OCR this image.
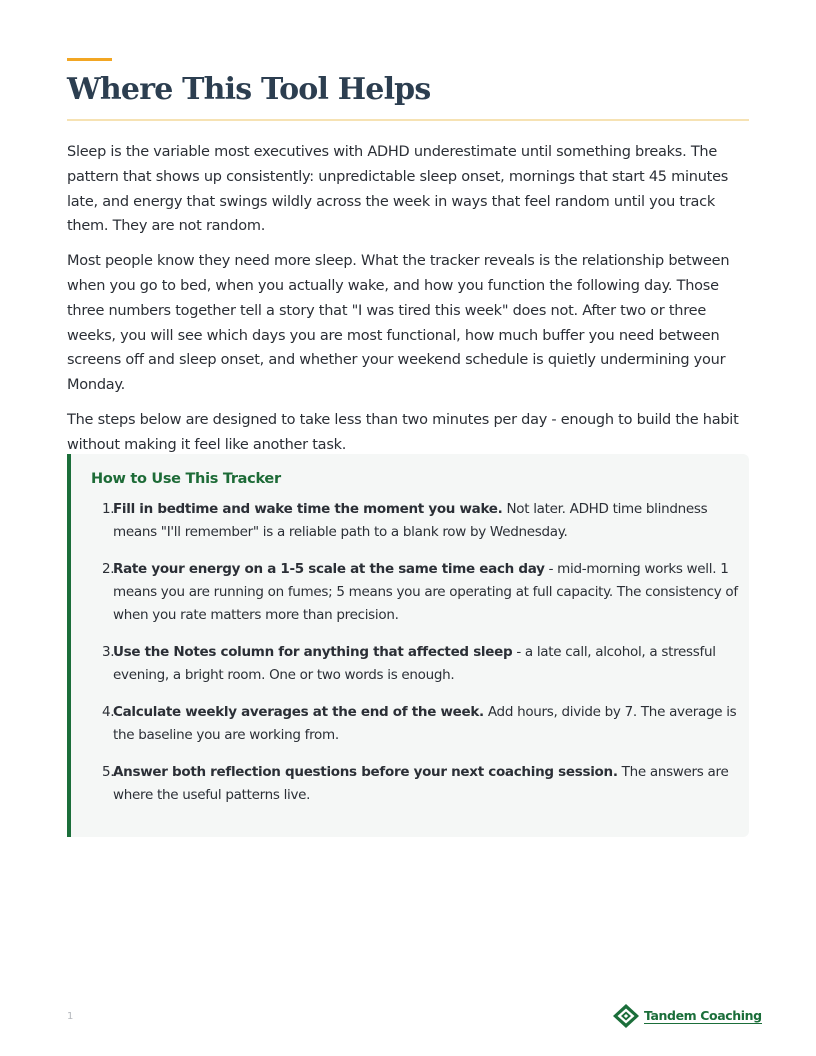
Where This Tool Helps

Sleep is the variable most executives with ADHD underestimate until something breaks. The pattern that shows up consistently: unpredictable sleep onset, mornings that start 45 minutes late, and energy that swings wildly across the week in ways that feel random until you track them. They are not random.

Most people know they need more sleep. What the tracker reveals is the relationship between when you go to bed, when you actually wake, and how you function the following day. Those three numbers together tell a story that "I was tired this week" does not. After two or three weeks, you will see which days you are most functional, how much buffer you need between screens off and sleep onset, and whether your weekend schedule is quietly undermining your Monday.

The steps below are designed to take less than two minutes per day - enough to build the habit without making it feel like another task.

How to Use This Tracker
1.
Fill in bedtime and wake time the moment you wake. Not later. ADHD time blindness means "I'll remember" is a reliable path to a blank row by Wednesday.
2.
Rate your energy on a 1-5 scale at the same time each day - mid-morning works well. 1 means you are running on fumes; 5 means you are operating at full capacity. The consistency of when you rate matters more than precision.
3.
Use the Notes column for anything that affected sleep - a late call, alcohol, a stressful evening, a bright room. One or two words is enough.
4.
Calculate weekly averages at the end of the week. Add hours, divide by 7. The average is the baseline you are working from.
5.
Answer both reflection questions before your next coaching session. The answers are where the useful patterns live.
1	Tandem Coaching
